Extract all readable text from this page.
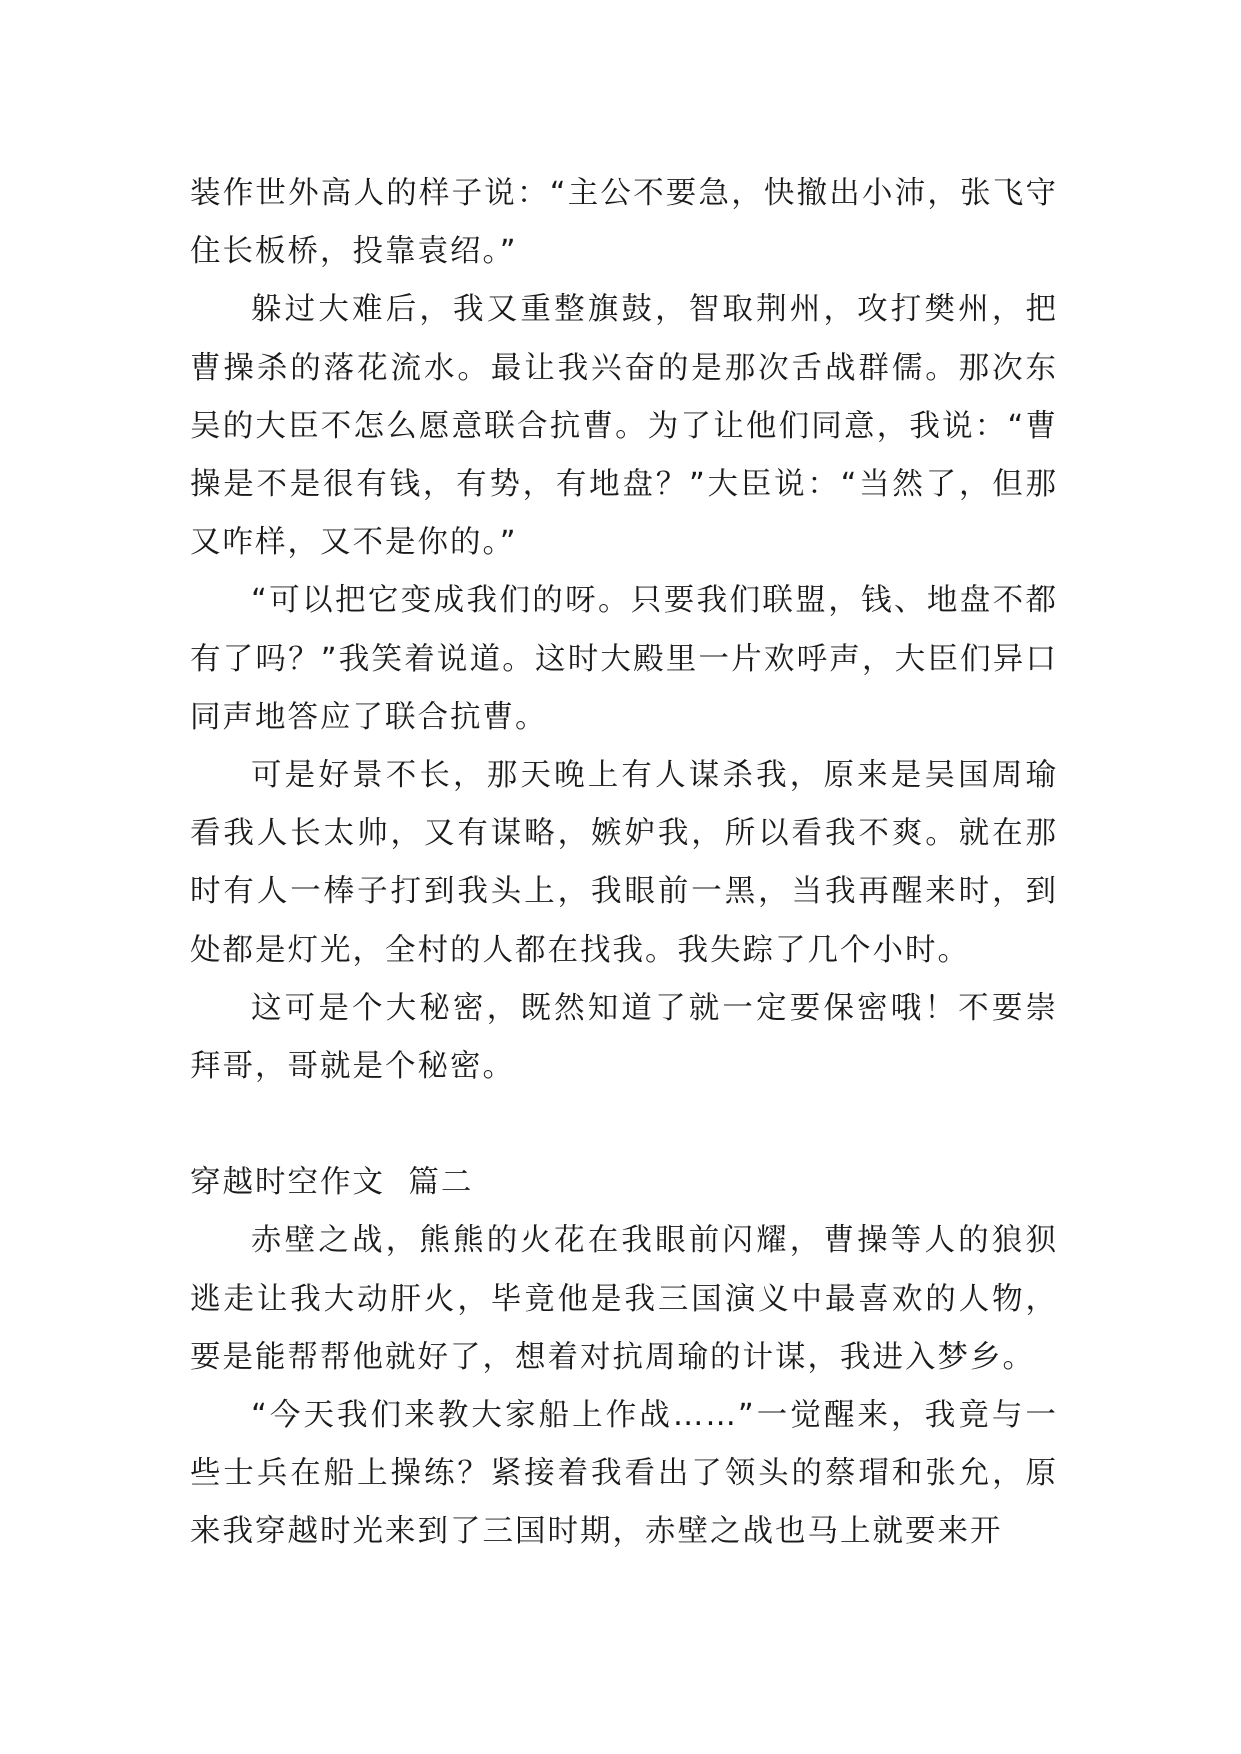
装作世外高人的样子说：“主公不要急，快撤出小沛，张飞守住长板桥，投靠袁绍。”

躲过大难后，我又重整旗鼓，智取荆州，攻打樊州，把曹操杀的落花流水。最让我兴奋的是那次舌战群儒。那次东吴的大臣不怎么愿意联合抗曹。为了让他们同意，我说：“曹操是不是很有钱，有势，有地盘？”大臣说：“当然了，但那又咋样，又不是你的。”

“可以把它变成我们的呀。只要我们联盟，钱、地盘不都有了吗？”我笑着说道。这时大殿里一片欢呼声，大臣们异口同声地答应了联合抗曹。

可是好景不长，那天晚上有人谋杀我，原来是吴国周瑜看我人长太帅，又有谋略，嫉妒我，所以看我不爽。就在那时有人一棒子打到我头上，我眼前一黑，当我再醒来时，到处都是灯光，全村的人都在找我。我失踪了几个小时。

这可是个大秘密，既然知道了就一定要保密哦！不要崇拜哥，哥就是个秘密。

穿越时空作文  篇二

赤壁之战，熊熊的火花在我眼前闪耀，曹操等人的狼狈逃走让我大动肝火，毕竟他是我三国演义中最喜欢的人物，要是能帮帮他就好了，想着对抗周瑜的计谋，我进入梦乡。

“今天我们来教大家船上作战……”一觉醒来，我竟与一些士兵在船上操练？紧接着我看出了领头的蔡瑁和张允，原来我穿越时光来到了三国时期，赤壁之战也马上就要来开
